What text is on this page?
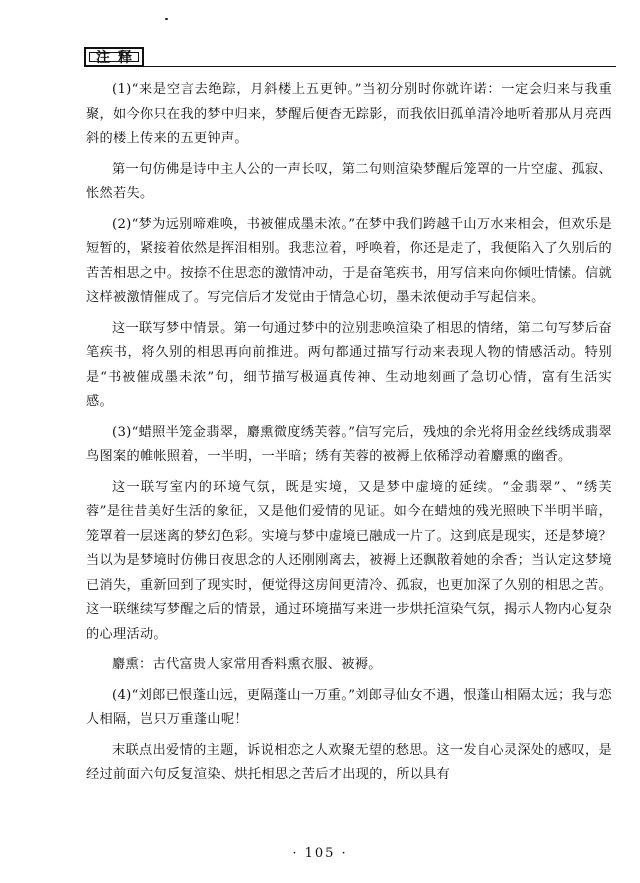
注释

(1)“来是空言去绝踪，月斜楼上五更钟。”当初分别时你就许诺：一定会归来与我重聚，如今你只在我的梦中归来，梦醒后便杳无踪影，而我依旧孤单清冷地听着那从月亮西斜的楼上传来的五更钟声。

第一句仿佛是诗中主人公的一声长叹，第二句则渲染梦醒后笼罩的一片空虚、孤寂、怅然若失。

(2)“梦为远别啼难唤，书被催成墨未浓。”在梦中我们跨越千山万水来相会，但欢乐是短暂的，紧接着依然是挥泪相别。我悲泣着，呼唤着，你还是走了，我便陷入了久别后的苦苦相思之中。按捺不住思恋的激情冲动，于是奋笔疾书，用写信来向你倾吐情愫。信就这样被激情催成了。写完信后才发觉由于情急心切，墨未浓便动手写起信来。

这一联写梦中情景。第一句通过梦中的泣别悲唤渲染了相思的情绪，第二句写梦后奋笔疾书，将久别的相思再向前推进。两句都通过描写行动来表现人物的情感活动。特别是“书被催成墨未浓”句，细节描写极逼真传神、生动地刻画了急切心情，富有生活实感。

(3)“蜡照半笼金翡翠，麝熏微度绣芙蓉。”信写完后，残烛的余光将用金丝线绣成翡翠鸟图案的帷帐照着，一半明，一半暗；绣有芙蓉的被褥上依稀浮动着麝熏的幽香。

这一联写室内的环境气氛，既是实境，又是梦中虚境的延续。“金翡翠”、“绣芙蓉”是往昔美好生活的象征，又是他们爱情的见证。如今在蜡烛的残光照映下半明半暗，笼罩着一层迷离的梦幻色彩。实境与梦中虚境已融成一片了。这到底是现实，还是梦境？当以为是梦境时仿佛日夜思念的人还刚刚离去，被褥上还飘散着她的余香；当认定这梦境已消失，重新回到了现实时，便觉得这房间更清冷、孤寂，也更加深了久别的相思之苦。这一联继续写梦醒之后的情景，通过环境描写来进一步烘托渲染气氛，揭示人物内心复杂的心理活动。

麝熏：古代富贵人家常用香料熏衣服、被褥。

(4)“刘郎已恨蓬山远，更隔蓬山一万重。”刘郎寻仙女不遇，恨蓬山相隔太远；我与恋人相隔，岂只万重蓬山呢！

末联点出爱情的主题，诉说相恋之人欢聚无望的愁思。这一发自心灵深处的感叹，是经过前面六句反复渲染、烘托相思之苦后才出现的，所以具有

· 105 ·
